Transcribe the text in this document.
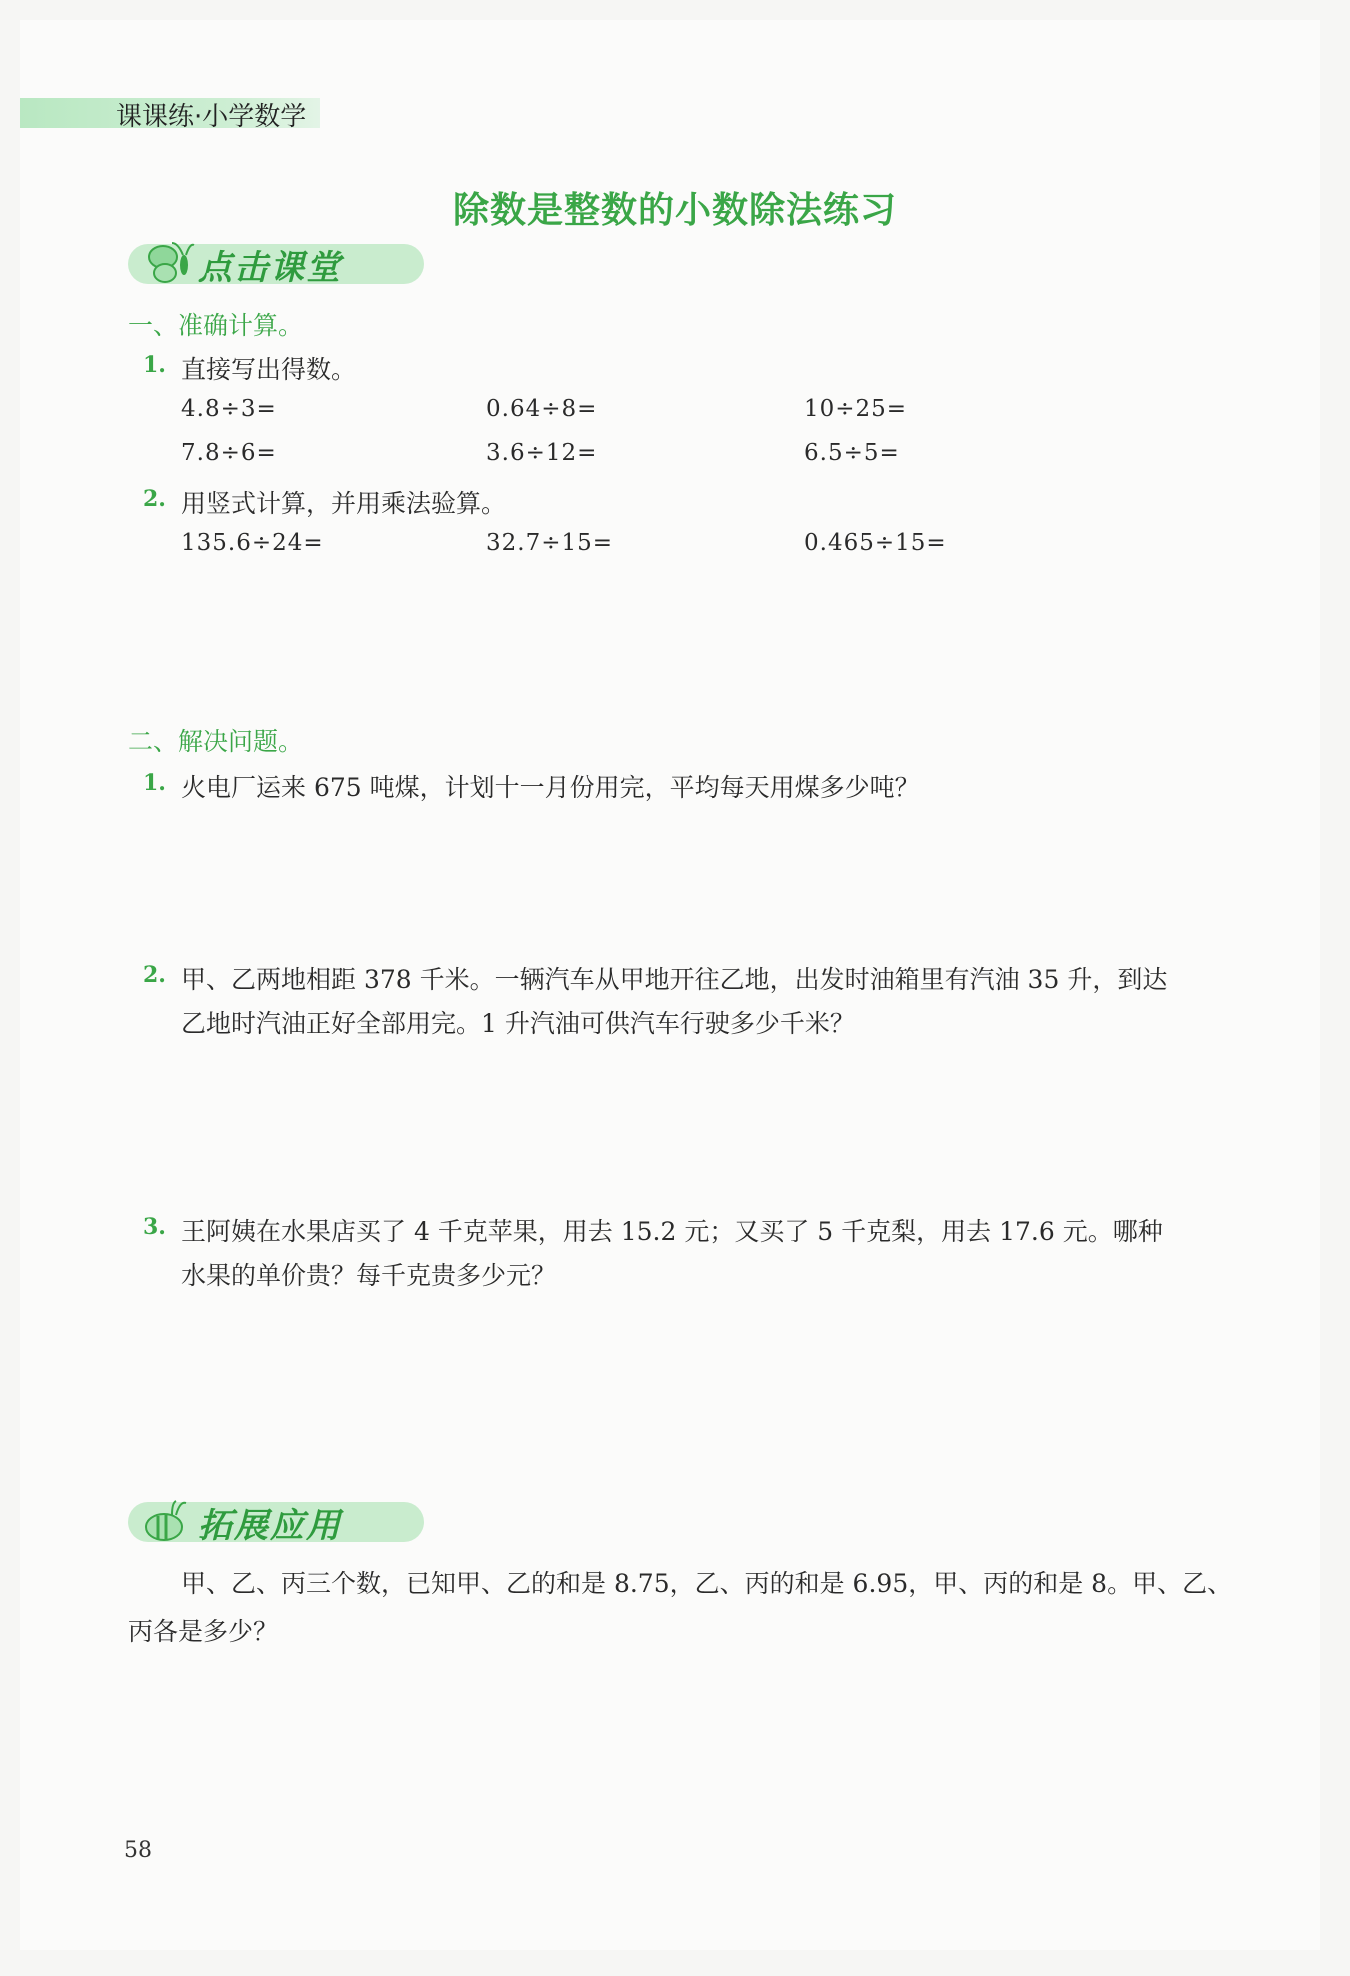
课课练·小学数学
除数是整数的小数除法练习
点击课堂
一、准确计算。
1. 直接写出得数。
4.8÷3=	0.64÷8=	10÷25=
7.8÷6=	3.6÷12=	6.5÷5=
2. 用竖式计算，并用乘法验算。
135.6÷24=	32.7÷15=	0.465÷15=
二、解决问题。
1. 火电厂运来 675 吨煤，计划十一月份用完，平均每天用煤多少吨？
2. 甲、乙两地相距 378 千米。一辆汽车从甲地开往乙地，出发时油箱里有汽油 35 升，到达
乙地时汽油正好全部用完。1 升汽油可供汽车行驶多少千米？
3. 王阿姨在水果店买了 4 千克苹果，用去 15.2 元；又买了 5 千克梨，用去 17.6 元。哪种
水果的单价贵？每千克贵多少元？
拓展应用
甲、乙、丙三个数，已知甲、乙的和是 8.75，乙、丙的和是 6.95，甲、丙的和是 8。甲、乙、
丙各是多少？
58
